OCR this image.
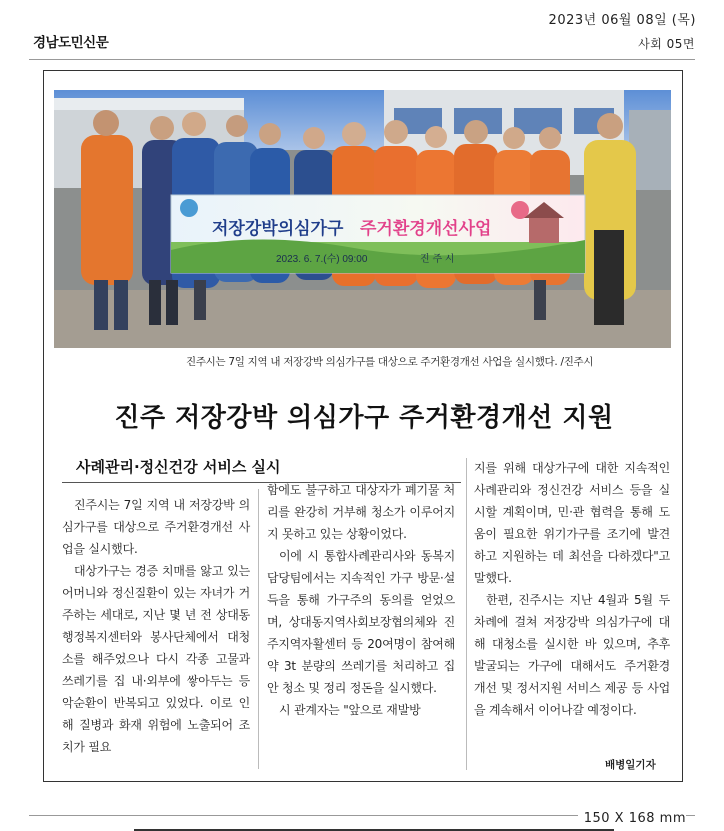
2023년 06월 08일 (목)
경남도민신문	사회 05면
저장강박의심가구 주거환경개선사업
2023. 6. 7.(수) 09:00	진 주 시
진주시는 7일 지역 내 저장강박 의심가구를 대상으로 주거환경개선 사업을 실시했다. /진주시
진주 저장강박 의심가구 주거환경개선 지원
사례관리·정신건강 서비스 실시

진주시는 7일 지역 내 저장강박 의심가구를 대상으로 주거환경개선 사업을 실시했다.

대상가구는 경증 치매를 앓고 있는 어머니와 정신질환이 있는 자녀가 거주하는 세대로, 지난 몇 년 전 상대동행정복지센터와 봉사단체에서 대청소를 해주었으나 다시 각종 고물과 쓰레기를 집 내·외부에 쌓아두는 등 악순환이 반복되고 있었다. 이로 인해 질병과 화재 위험에 노출되어 조치가 필요

함에도 불구하고 대상자가 폐기물 처리를 완강히 거부해 청소가 이루어지지 못하고 있는 상황이었다.

이에 시 통합사례관리사와 동복지담당팀에서는 지속적인 가구 방문·설득을 통해 가구주의 동의를 얻었으며, 상대동지역사회보장협의체와 진주지역자활센터 등 20여명이 참여해 약 3t 분량의 쓰레기를 처리하고 집안 청소 및 정리 정돈을 실시했다.

시 관계자는 "앞으로 재발방

지를 위해 대상가구에 대한 지속적인 사례관리와 정신건강 서비스 등을 실시할 계획이며, 민·관 협력을 통해 도움이 필요한 위기가구를 조기에 발견하고 지원하는 데 최선을 다하겠다"고 말했다.

한편, 진주시는 지난 4월과 5월 두 차례에 걸쳐 저장강박 의심가구에 대해 대청소를 실시한 바 있으며, 추후 발굴되는 가구에 대해서도 주거환경 개선 및 정서지원 서비스 제공 등 사업을 계속해서 이어나갈 예정이다.

배병일기자
150 X 168 mm
